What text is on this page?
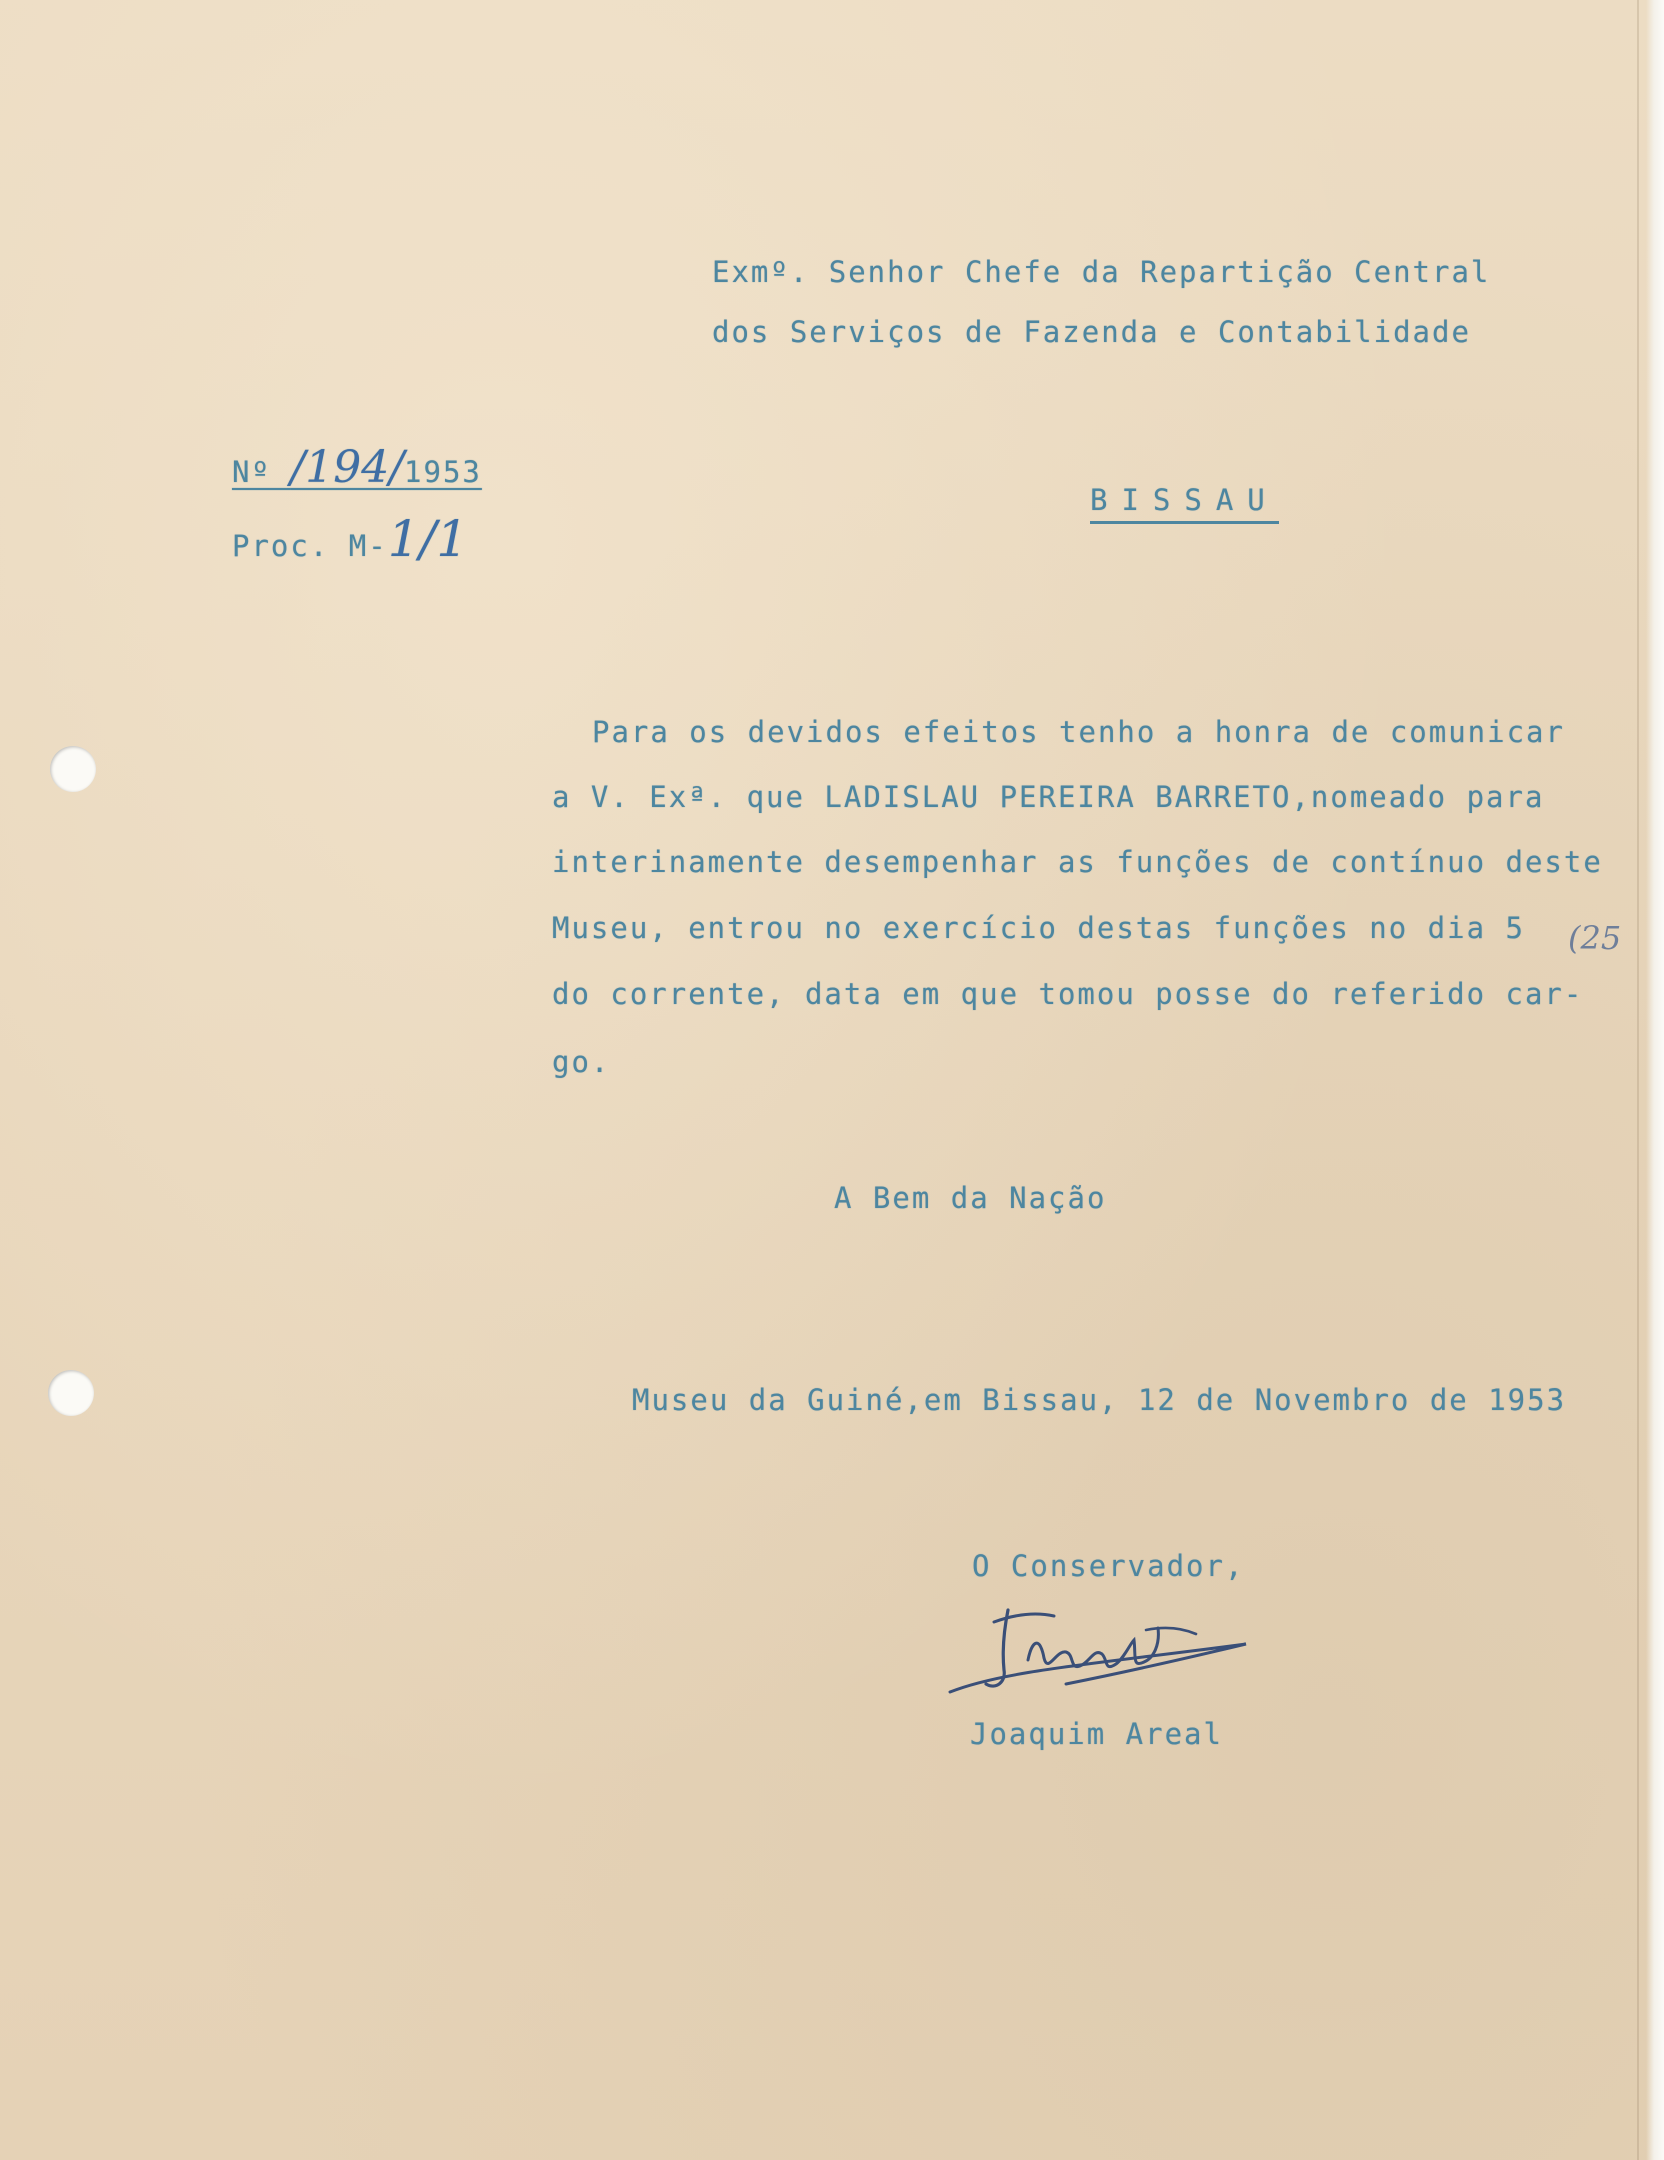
Exmº. Senhor Chefe da Repartição Central
dos Serviços de Fazenda e Contabilidade
Nº /194/1953
Proc. M-1/1
BISSAU
Para os devidos efeitos tenho a honra de comunicar
a V. Exª. que LADISLAU PEREIRA BARRETO,nomeado para
interinamente desempenhar as funções de contínuo deste
Museu, entrou no exercício destas funções no dia 5
do corrente, data em que tomou posse do referido car-
go.
(25
A Bem da Nação
Museu da Guiné,em Bissau, 12 de Novembro de 1953
O Conservador,
JAreal
Joaquim Areal
